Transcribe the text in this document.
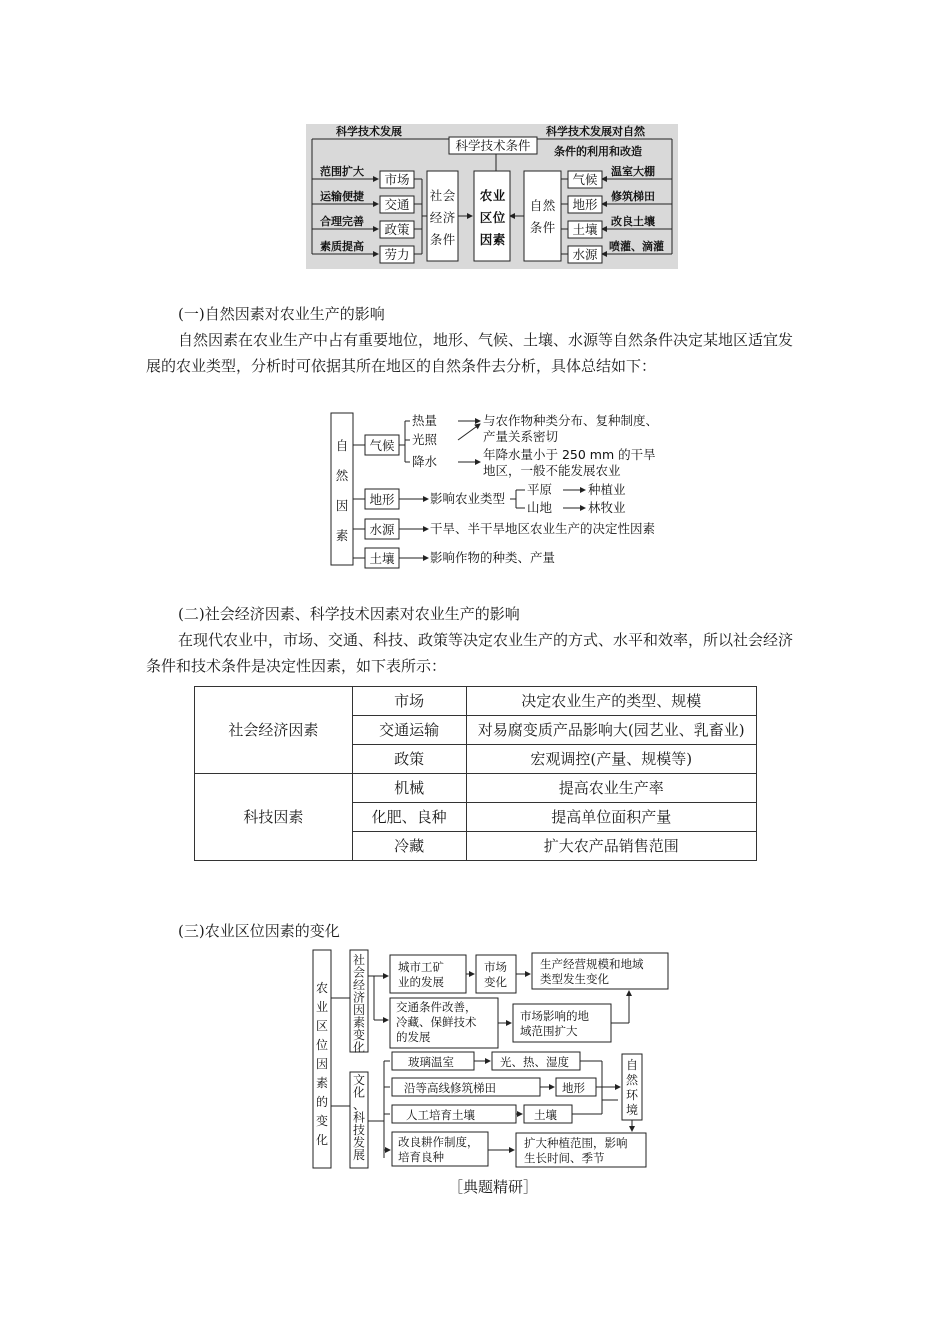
科学技术发展	科学技术发展对自然
条件的利用和改造
范围扩大
运输便捷
合理完善
素质提高
温室大棚
修筑梯田
改良土壤
喷灌、滴灌
科学技术条件
市场
交通
政策
劳力
气候
地形
土壤
水源
社会经济条件
农业区位因素
自然条件
(一)自然因素对农业生产的影响
自然因素在农业生产中占有重要地位，地形、气候、土壤、水源等自然条件决定某地区适宜发展的农业类型，分析时可依据其所在地区的自然条件去分析，具体总结如下：
自然因素
气候
地形
水源
土壤
热量
光照
降水
与农作物种类分布、复种制度、
产量关系密切
年降水量小于 250 mm 的干旱
地区，一般不能发展农业
影响农业类型
平原
山地
种植业
林牧业
干旱、半干旱地区农业生产的决定性因素
影响作物的种类、产量
(二)社会经济因素、科学技术因素对农业生产的影响
在现代农业中，市场、交通、科技、政策等决定农业生产的方式、水平和效率，所以社会经济条件和技术条件是决定性因素，如下表所示：
社会经济因素	市场	决定农业生产的类型、规模
	交通运输	对易腐变质产品影响大(园艺业、乳畜业)
	政策	宏观调控(产量、规模等)
科技因素	机械	提高农业生产率
	化肥、良种	提高单位面积产量
	冷藏	扩大农产品销售范围
(三)农业区位因素的变化
农业区位因素的变化
社会经济因素变化
文化、科技发展
自然环境
城市工矿
业的发展
市场
变化
生产经营规模和地域
类型发生变化
交通条件改善，
冷藏、保鲜技术
的发展
市场影响的地
域范围扩大
玻璃温室	光、热、湿度
沿等高线修筑梯田	地形
人工培育土壤	土壤
改良耕作制度，
培育良种
扩大种植范围，影响
生长时间、季节
［典题精研］
